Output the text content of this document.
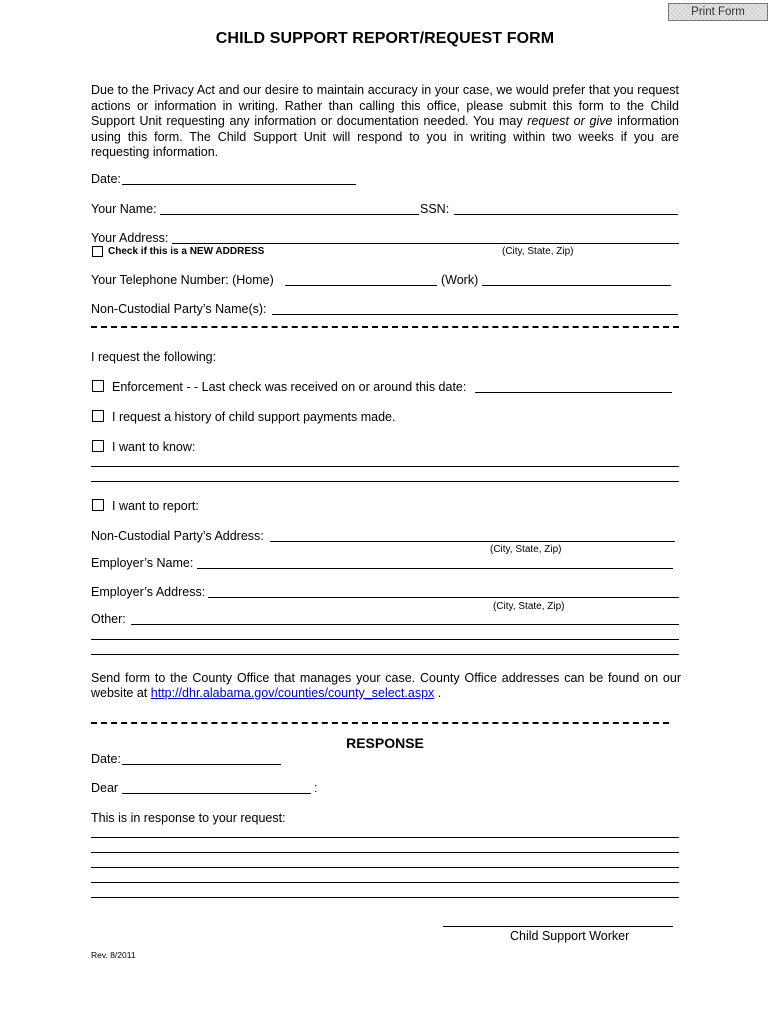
Print Form
CHILD SUPPORT REPORT/REQUEST FORM
Due to the Privacy Act and our desire to maintain accuracy in your case, we would prefer that you request actions or information in writing. Rather than calling this office, please submit this form to the Child Support Unit requesting any information or documentation needed. You may request or give information using this form. The Child Support Unit will respond to you in writing within two weeks if you are requesting information.
Date:
Your Name:	SSN:
Your Address:
Check if this is a NEW ADDRESS	(City, State, Zip)
Your Telephone Number: (Home)	(Work)
Non-Custodial Party’s Name(s):
I request the following:
Enforcement - - Last check was received on or around this date:
I request a history of child support payments made.
I want to know:
I want to report:
Non-Custodial Party’s Address:
(City, State, Zip)
Employer’s Name:
Employer’s Address:
(City, State, Zip)
Other:
Send form to the County Office that manages your case. County Office addresses can be found on our website at http://dhr.alabama.gov/counties/county_select.aspx .
RESPONSE
Date:
Dear	:
This is in response to your request:
Child Support Worker
Rev. 8/2011
